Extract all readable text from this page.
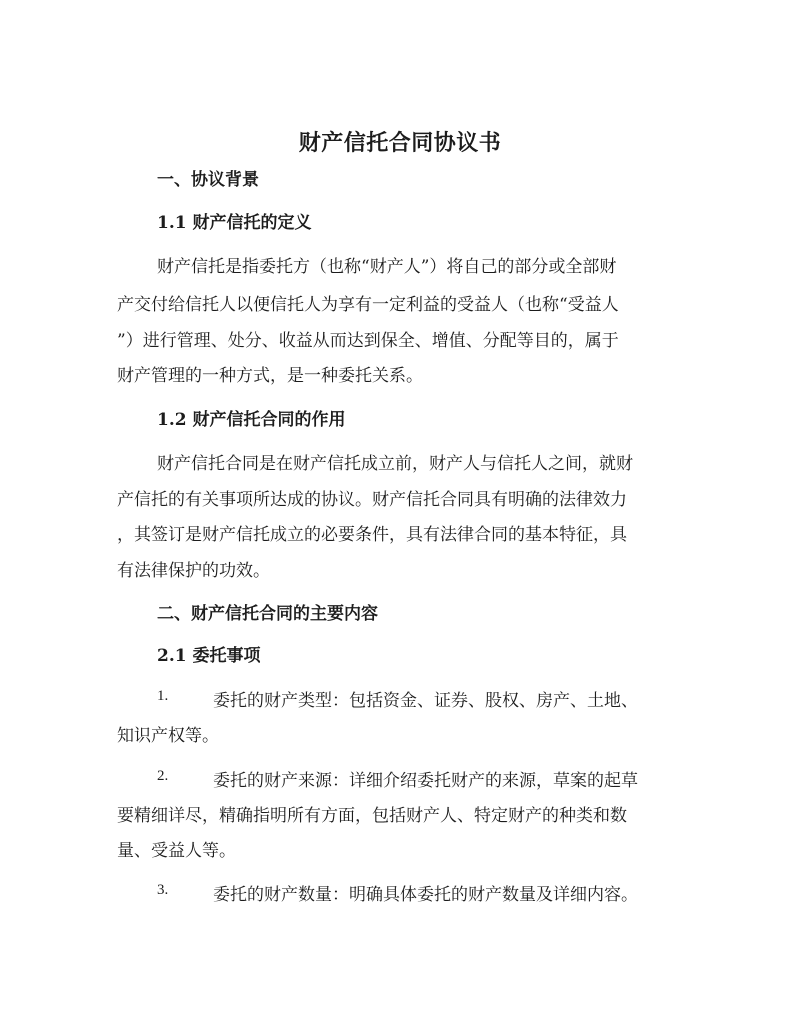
财产信托合同协议书
一、协议背景
1.1 财产信托的定义
财产信托是指委托方（也称“财产人”）将自己的部分或全部财
产交付给信托人以便信托人为享有一定利益的受益人（也称“受益人
”）进行管理、处分、收益从而达到保全、增值、分配等目的，属于
财产管理的一种方式，是一种委托关系。
1.2 财产信托合同的作用
财产信托合同是在财产信托成立前，财产人与信托人之间，就财
产信托的有关事项所达成的协议。财产信托合同具有明确的法律效力
，其签订是财产信托成立的必要条件，具有法律合同的基本特征，具
有法律保护的功效。
二、财产信托合同的主要内容
2.1 委托事项
1.	委托的财产类型：包括资金、证券、股权、房产、土地、
知识产权等。
2.	委托的财产来源：详细介绍委托财产的来源，草案的起草
要精细详尽，精确指明所有方面，包括财产人、特定财产的种类和数
量、受益人等。
3.	委托的财产数量：明确具体委托的财产数量及详细内容。
